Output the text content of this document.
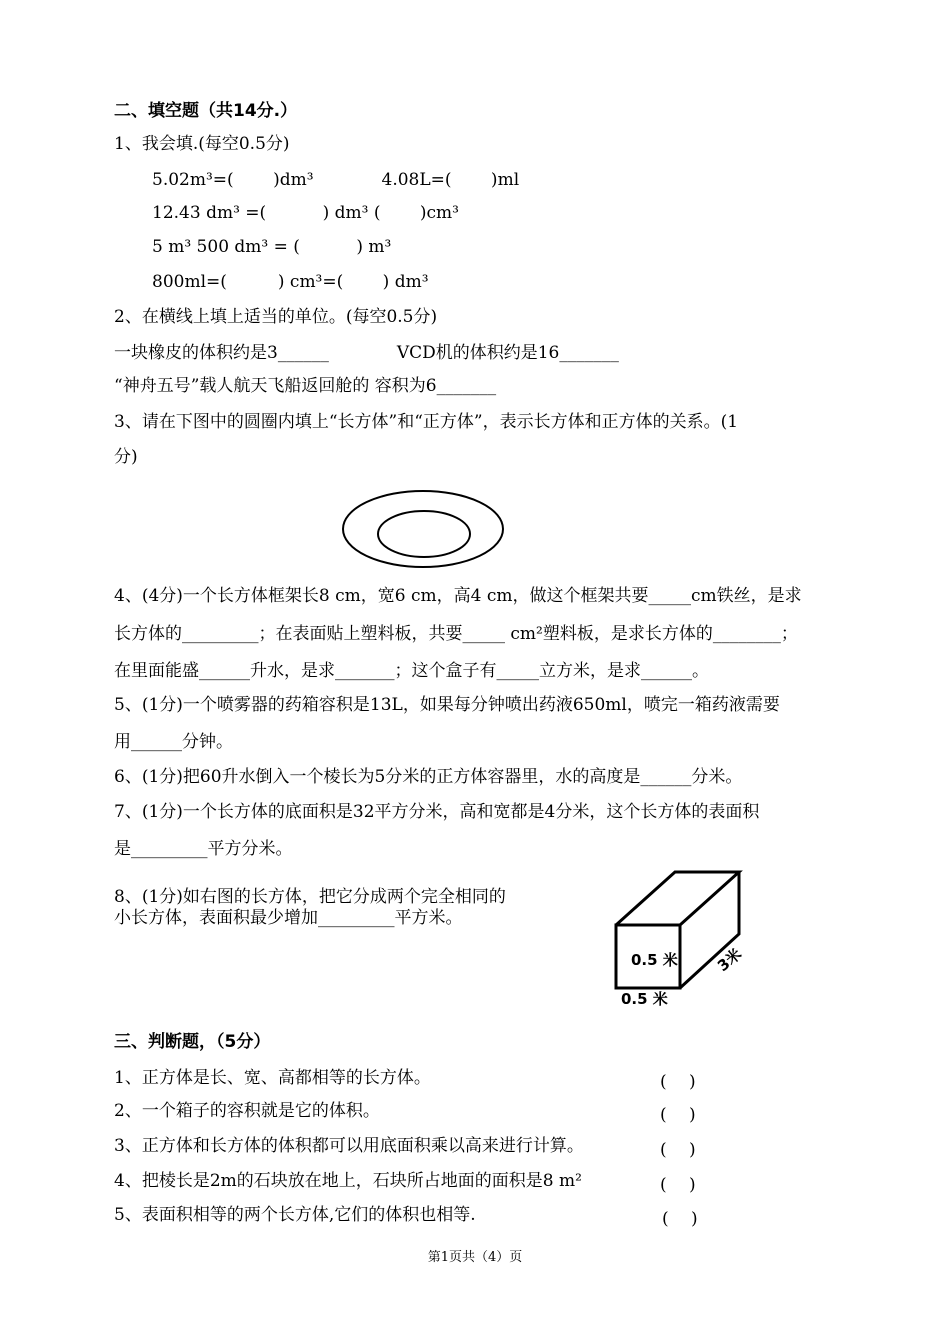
二、填空题（共14分.）
1、我会填.(每空0.5分)
5.02m³=(　　 )dm³　　　　4.08L=(　　 )ml
12.43 dm³ =(　　　 ) dm³ (　　 )cm³
5 m³ 500 dm³ = (　　　 ) m³
800ml=(　　　) cm³=(　　 ) dm³
2、在横线上填上适当的单位。(每空0.5分)
一块橡皮的体积约是3______　　　　VCD机的体积约是16_______
“神舟五号”载人航天飞船返回舱的 容积为6_______
3、请在下图中的圆圈内填上“长方体”和“正方体”，表示长方体和正方体的关系。(1
分)
4、(4分)一个长方体框架长8 cm，宽6 cm，高4 cm，做这个框架共要_____cm铁丝，是求
长方体的_________；在表面贴上塑料板，共要_____ cm²塑料板，是求长方体的________；
在里面能盛______升水，是求_______；这个盒子有_____立方米，是求______。
5、(1分)一个喷雾器的药箱容积是13L，如果每分钟喷出药液650ml，喷完一箱药液需要
用______分钟。
6、(1分)把60升水倒入一个棱长为5分米的正方体容器里，水的高度是______分米。
7、(1分)一个长方体的底面积是32平方分米，高和宽都是4分米，这个长方体的表面积
是_________平方分米。
8、(1分)如右图的长方体，把它分成两个完全相同的
小长方体，表面积最少增加_________平方米。
0.5 米
0.5 米
3米
三、判断题，（5分）
1、正方体是长、宽、高都相等的长方体。	(　 )
2、一个箱子的容积就是它的体积。	(　 )
3、正方体和长方体的体积都可以用底面积乘以高来进行计算。	(　 )
4、把棱长是2m的石块放在地上，石块所占地面的面积是8 m²	(　 )
5、表面积相等的两个长方体,它们的体积也相等.	(　 )
第1页共（4）页
